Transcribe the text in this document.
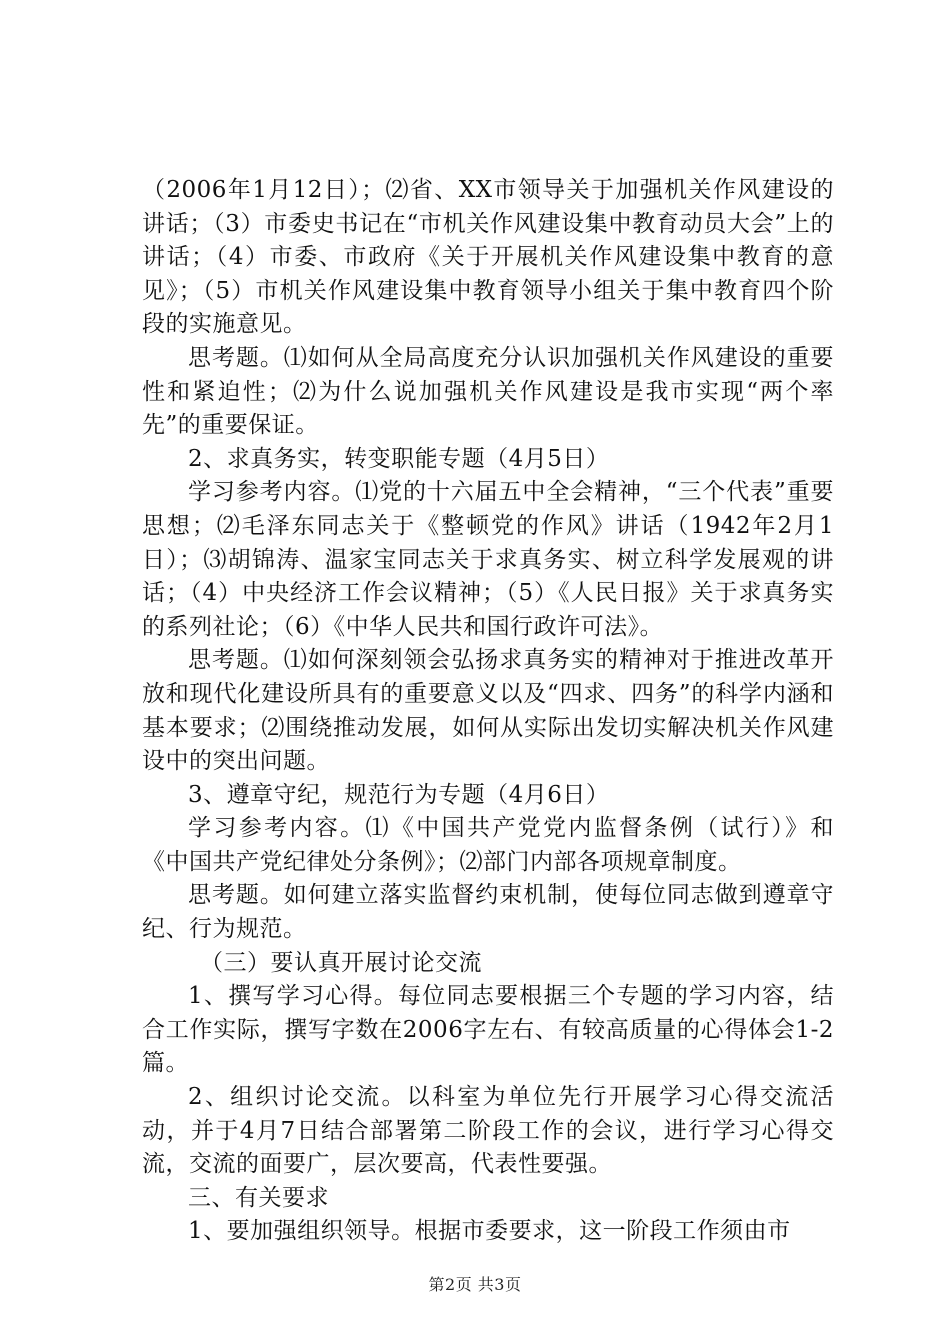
（2006年1月12日）；⑵省、XX市领导关于加强机关作风建设的讲话；（3）市委史书记在“市机关作风建设集中教育动员大会”上的讲话；（4）市委、市政府《关于开展机关作风建设集中教育的意见》；（5）市机关作风建设集中教育领导小组关于集中教育四个阶段的实施意见。

思考题。⑴如何从全局高度充分认识加强机关作风建设的重要性和紧迫性；⑵为什么说加强机关作风建设是我市实现“两个率先”的重要保证。

2、求真务实，转变职能专题（4月5日）

学习参考内容。⑴党的十六届五中全会精神，“三个代表”重要思想；⑵毛泽东同志关于《整顿党的作风》讲话（1942年2月1日）；⑶胡锦涛、温家宝同志关于求真务实、树立科学发展观的讲话；（4）中央经济工作会议精神；（5）《人民日报》关于求真务实的系列社论；（6）《中华人民共和国行政许可法》。

思考题。⑴如何深刻领会弘扬求真务实的精神对于推进改革开放和现代化建设所具有的重要意义以及“四求、四务”的科学内涵和基本要求；⑵围绕推动发展，如何从实际出发切实解决机关作风建设中的突出问题。

3、遵章守纪，规范行为专题（4月6日）

学习参考内容。⑴《中国共产党党内监督条例（试行）》和《中国共产党纪律处分条例》；⑵部门内部各项规章制度。

思考题。如何建立落实监督约束机制，使每位同志做到遵章守纪、行为规范。

（三）要认真开展讨论交流

1、撰写学习心得。每位同志要根据三个专题的学习内容，结合工作实际，撰写字数在2006字左右、有较高质量的心得体会1-2篇。

2、组织讨论交流。以科室为单位先行开展学习心得交流活动，并于4月7日结合部署第二阶段工作的会议，进行学习心得交流，交流的面要广，层次要高，代表性要强。

三、有关要求

1、要加强组织领导。根据市委要求，这一阶段工作须由市

第2页 共3页
